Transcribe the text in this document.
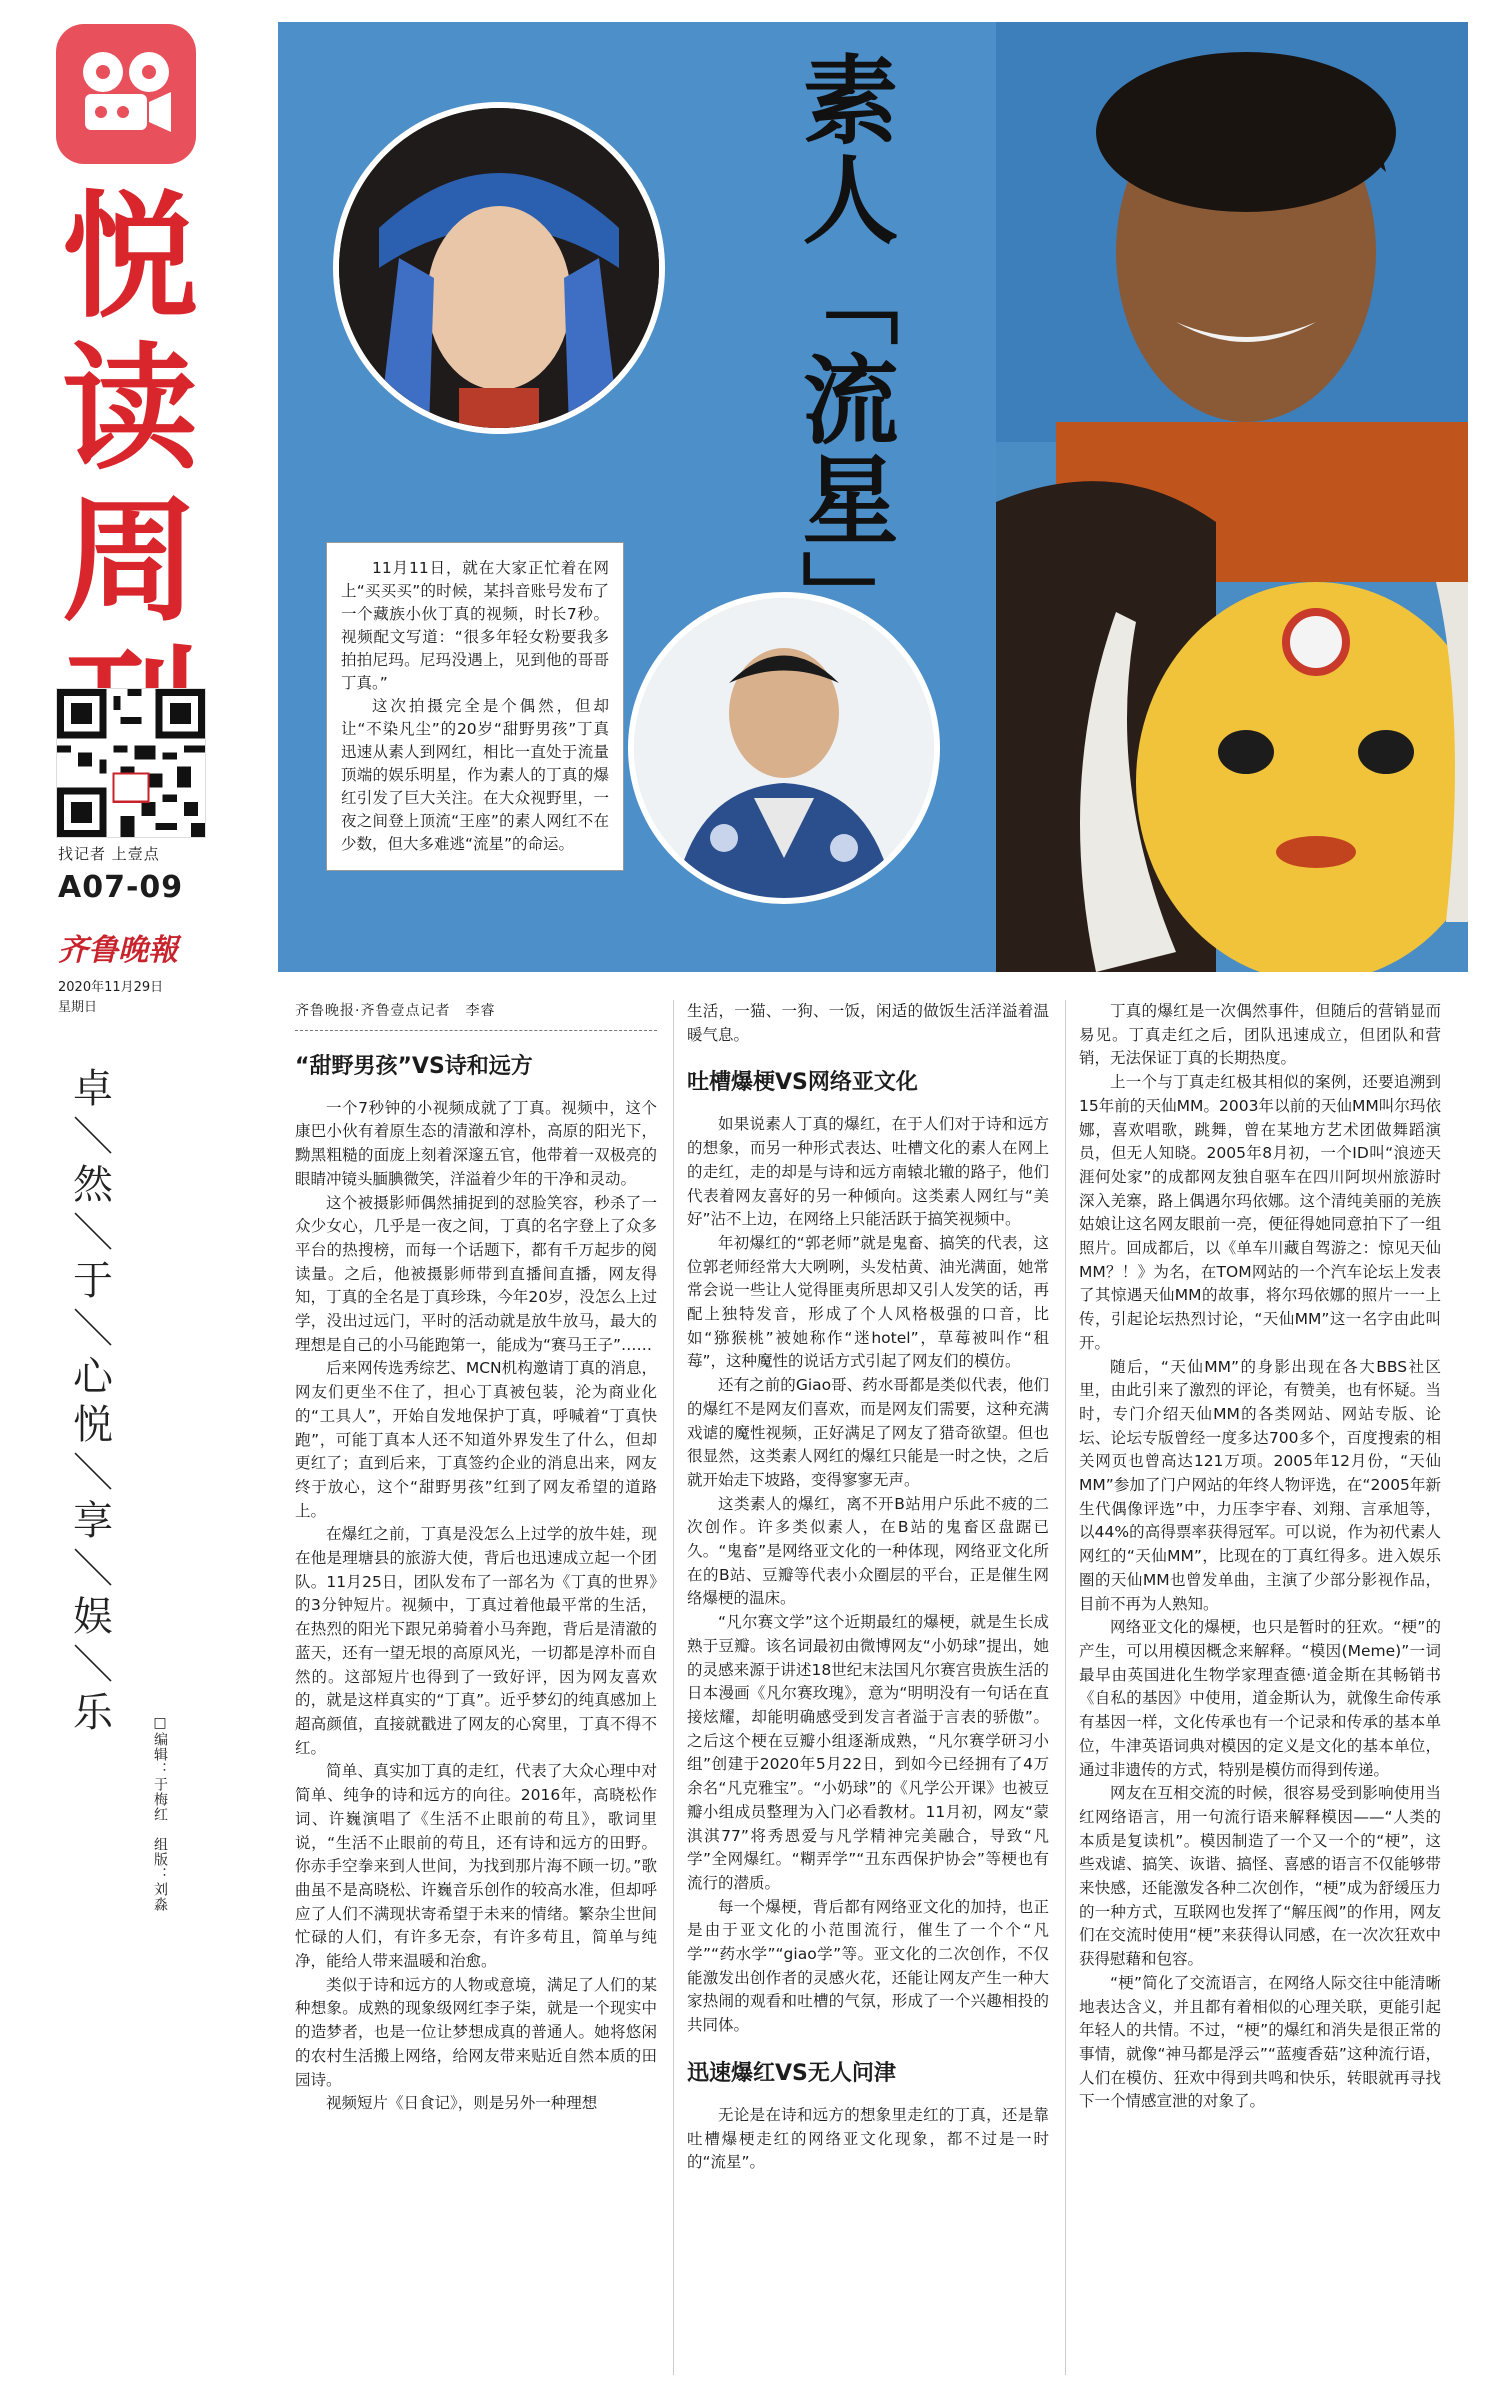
悦
读
周
找记者 上壹点
A07-09
齐鲁晚報
2020年11月29日
星期日
卓
＼
然
＼
于
＼
心
悦
＼
享
＼
娱
＼
乐
□编辑：于梅红　组版：刘淼
素人「流星」

11月11日，就在大家正忙着在网上“买买买”的时候，某抖音账号发布了一个藏族小伙丁真的视频，时长7秒。视频配文写道：“很多年轻女粉要我多拍拍尼玛。尼玛没遇上，见到他的哥哥丁真。”

这次拍摄完全是个偶然，但却让“不染凡尘”的20岁“甜野男孩”丁真迅速从素人到网红，相比一直处于流量顶端的娱乐明星，作为素人的丁真的爆红引发了巨大关注。在大众视野里，一夜之间登上顶流“王座”的素人网红不在少数，但大多难逃“流星”的命运。

齐鲁晚报·齐鲁壹点记者　李睿
“甜野男孩”VS诗和远方

一个7秒钟的小视频成就了丁真。视频中，这个康巴小伙有着原生态的清澈和淳朴，高原的阳光下，黝黑粗糙的面庞上刻着深邃五官，他带着一双极亮的眼睛冲镜头腼腆微笑，洋溢着少年的干净和灵动。

这个被摄影师偶然捕捉到的怼脸笑容，秒杀了一众少女心，几乎是一夜之间，丁真的名字登上了众多平台的热搜榜，而每一个话题下，都有千万起步的阅读量。之后，他被摄影师带到直播间直播，网友得知，丁真的全名是丁真珍珠，今年20岁，没怎么上过学，没出过远门，平时的活动就是放牛放马，最大的理想是自己的小马能跑第一，能成为“赛马王子”……

后来网传选秀综艺、MCN机构邀请丁真的消息，网友们更坐不住了，担心丁真被包装，沦为商业化的“工具人”，开始自发地保护丁真，呼喊着“丁真快跑”，可能丁真本人还不知道外界发生了什么，但却更红了；直到后来，丁真签约企业的消息出来，网友终于放心，这个“甜野男孩”红到了网友希望的道路上。

在爆红之前，丁真是没怎么上过学的放牛娃，现在他是理塘县的旅游大使，背后也迅速成立起一个团队。11月25日，团队发布了一部名为《丁真的世界》的3分钟短片。视频中，丁真过着他最平常的生活，在热烈的阳光下跟兄弟骑着小马奔跑，背后是清澈的蓝天，还有一望无垠的高原风光，一切都是淳朴而自然的。这部短片也得到了一致好评，因为网友喜欢的，就是这样真实的“丁真”。近乎梦幻的纯真感加上超高颜值，直接就戳进了网友的心窝里，丁真不得不红。

简单、真实加丁真的走红，代表了大众心理中对简单、纯争的诗和远方的向往。2016年，高晓松作词、许巍演唱了《生活不止眼前的苟且》，歌词里说，“生活不止眼前的苟且，还有诗和远方的田野。你赤手空拳来到人世间，为找到那片海不顾一切。”歌曲虽不是高晓松、许巍音乐创作的较高水准，但却呼应了人们不满现状寄希望于未来的情绪。繁杂尘世间忙碌的人们，有许多无奈，有许多苟且，简单与纯净，能给人带来温暖和治愈。

类似于诗和远方的人物或意境，满足了人们的某种想象。成熟的现象级网红李子柒，就是一个现实中的造梦者，也是一位让梦想成真的普通人。她将悠闲的农村生活搬上网络，给网友带来贴近自然本质的田园诗。

视频短片《日食记》，则是另外一种理想

生活，一猫、一狗、一饭，闲适的做饭生活洋溢着温暖气息。

吐槽爆梗VS网络亚文化

如果说素人丁真的爆红，在于人们对于诗和远方的想象，而另一种形式表达、吐槽文化的素人在网上的走红，走的却是与诗和远方南辕北辙的路子，他们代表着网友喜好的另一种倾向。这类素人网红与“美好”沾不上边，在网络上只能活跃于搞笑视频中。

年初爆红的“郭老师”就是鬼畜、搞笑的代表，这位郭老师经常大大咧咧，头发枯黄、油光满面，她常常会说一些让人觉得匪夷所思却又引人发笑的话，再配上独特发音，形成了个人风格极强的口音，比如“猕猴桃”被她称作“迷hotel”，草莓被叫作“租莓”，这种魔性的说话方式引起了网友们的模仿。

还有之前的Giao哥、药水哥都是类似代表，他们的爆红不是网友们喜欢，而是网友们需要，这种充满戏谑的魔性视频，正好满足了网友了猎奇欲望。但也很显然，这类素人网红的爆红只能是一时之快，之后就开始走下坡路，变得寥寥无声。

这类素人的爆红，离不开B站用户乐此不疲的二次创作。许多类似素人，在B站的鬼畜区盘踞已久。“鬼畜”是网络亚文化的一种体现，网络亚文化所在的B站、豆瓣等代表小众圈层的平台，正是催生网络爆梗的温床。

“凡尔赛文学”这个近期最红的爆梗，就是生长成熟于豆瓣。该名词最初由微博网友“小奶球”提出，她的灵感来源于讲述18世纪末法国凡尔赛宫贵族生活的日本漫画《凡尔赛玫瑰》，意为“明明没有一句话在直接炫耀，却能明确感受到发言者溢于言表的骄傲”。之后这个梗在豆瓣小组逐渐成熟，“凡尔赛学研习小组”创建于2020年5月22日，到如今已经拥有了4万余名“凡克雅宝”。“小奶球”的《凡学公开课》也被豆瓣小组成员整理为入门必看教材。11月初，网友“蒙淇淇77”将秀恩爱与凡学精神完美融合，导致“凡学”全网爆红。“糊弄学”“丑东西保护协会”等梗也有流行的潜质。

每一个爆梗，背后都有网络亚文化的加持，也正是由于亚文化的小范围流行，催生了一个个“凡学”“药水学”“giao学”等。亚文化的二次创作，不仅能激发出创作者的灵感火花，还能让网友产生一种大家热闹的观看和吐槽的气氛，形成了一个兴趣相投的共同体。

迅速爆红VS无人问津

无论是在诗和远方的想象里走红的丁真，还是靠吐槽爆梗走红的网络亚文化现象，都不过是一时的“流星”。

丁真的爆红是一次偶然事件，但随后的营销显而易见。丁真走红之后，团队迅速成立，但团队和营销，无法保证丁真的长期热度。

上一个与丁真走红极其相似的案例，还要追溯到15年前的天仙MM。2003年以前的天仙MM叫尔玛依娜，喜欢唱歌，跳舞，曾在某地方艺术团做舞蹈演员，但无人知晓。2005年8月初，一个ID叫“浪迹天涯何处家”的成都网友独自驱车在四川阿坝州旅游时深入羌寨，路上偶遇尔玛依娜。这个清纯美丽的羌族姑娘让这名网友眼前一亮，便征得她同意拍下了一组照片。回成都后，以《单车川藏自驾游之：惊见天仙MM？！》为名，在TOM网站的一个汽车论坛上发表了其惊遇天仙MM的故事，将尔玛依娜的照片一一上传，引起论坛热烈讨论，“天仙MM”这一名字由此叫开。

随后，“天仙MM”的身影出现在各大BBS社区里，由此引来了激烈的评论，有赞美，也有怀疑。当时，专门介绍天仙MM的各类网站、网站专版、论坛、论坛专版曾经一度多达700多个，百度搜索的相关网页也曾高达121万项。2005年12月份，“天仙MM”参加了门户网站的年终人物评选，在“2005年新生代偶像评选”中，力压李宇春、刘翔、言承旭等，以44%的高得票率获得冠军。可以说，作为初代素人网红的“天仙MM”，比现在的丁真红得多。进入娱乐圈的天仙MM也曾发单曲，主演了少部分影视作品，目前不再为人熟知。

网络亚文化的爆梗，也只是暂时的狂欢。“梗”的产生，可以用模因概念来解释。“模因(Meme)”一词最早由英国进化生物学家理查德·道金斯在其畅销书《自私的基因》中使用，道金斯认为，就像生命传承有基因一样，文化传承也有一个记录和传承的基本单位，牛津英语词典对模因的定义是文化的基本单位，通过非遗传的方式，特别是模仿而得到传递。

网友在互相交流的时候，很容易受到影响使用当红网络语言，用一句流行语来解释模因——“人类的本质是复读机”。模因制造了一个又一个的“梗”，这些戏谑、搞笑、诙谐、搞怪、喜感的语言不仅能够带来快感，还能激发各种二次创作，“梗”成为舒缓压力的一种方式，互联网也发挥了“解压阀”的作用，网友们在交流时使用“梗”来获得认同感，在一次次狂欢中获得慰藉和包容。

“梗”简化了交流语言，在网络人际交往中能清晰地表达含义，并且都有着相似的心理关联，更能引起年轻人的共情。不过，“梗”的爆红和消失是很正常的事情，就像“神马都是浮云”“蓝瘦香菇”这种流行语，人们在模仿、狂欢中得到共鸣和快乐，转眼就再寻找下一个情感宣泄的对象了。
